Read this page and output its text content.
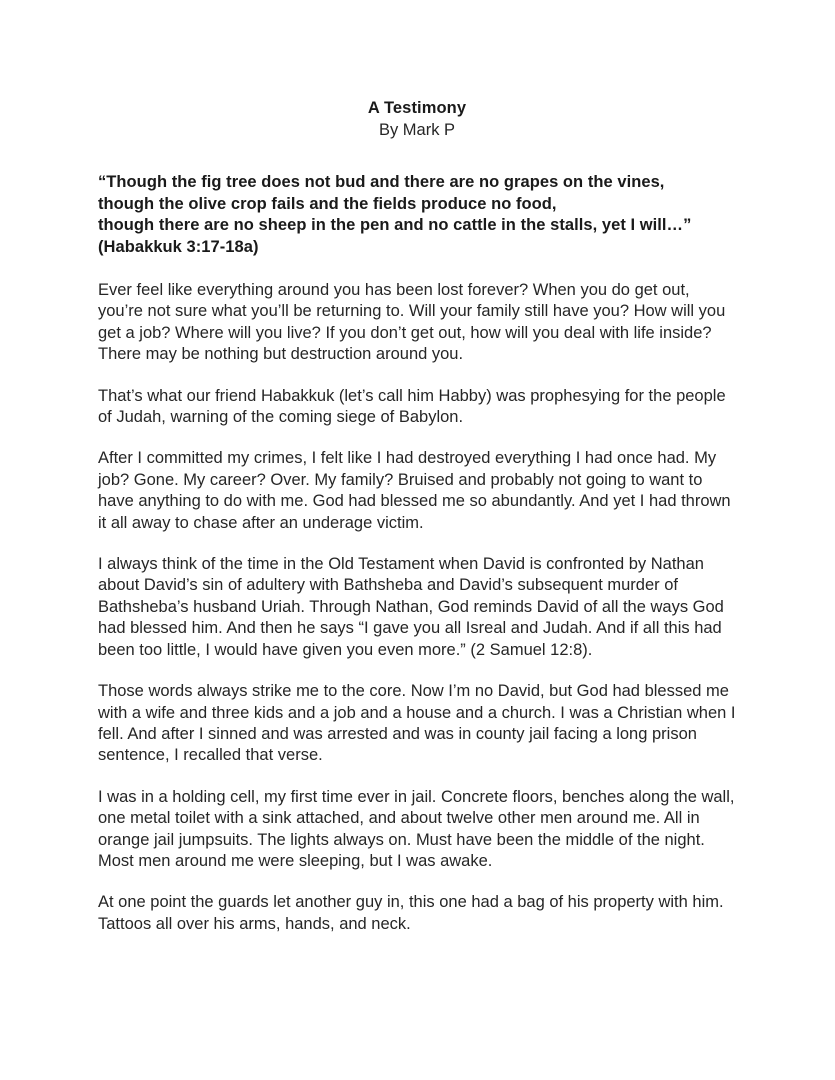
A Testimony
By Mark P
“Though the fig tree does not bud and there are no grapes on the vines,
though the olive crop fails and the fields produce no food,
though there are no sheep in the pen and no cattle in the stalls, yet I will…”
(Habakkuk 3:17-18a)

Ever feel like everything around you has been lost forever? When you do get out, you’re not sure what you’ll be returning to. Will your family still have you? How will you get a job? Where will you live? If you don’t get out, how will you deal with life inside? There may be nothing but destruction around you.

That’s what our friend Habakkuk (let’s call him Habby) was prophesying for the people of Judah, warning of the coming siege of Babylon.

After I committed my crimes, I felt like I had destroyed everything I had once had. My job? Gone. My career? Over. My family? Bruised and probably not going to want to have anything to do with me. God had blessed me so abundantly. And yet I had thrown it all away to chase after an underage victim.

I always think of the time in the Old Testament when David is confronted by Nathan about David’s sin of adultery with Bathsheba and David’s subsequent murder of Bathsheba’s husband Uriah. Through Nathan, God reminds David of all the ways God had blessed him. And then he says “I gave you all Isreal and Judah. And if all this had been too little, I would have given you even more.” (2 Samuel 12:8).

Those words always strike me to the core. Now I’m no David, but God had blessed me with a wife and three kids and a job and a house and a church. I was a Christian when I fell. And after I sinned and was arrested and was in county jail facing a long prison sentence, I recalled that verse.

I was in a holding cell, my first time ever in jail. Concrete floors, benches along the wall, one metal toilet with a sink attached, and about twelve other men around me. All in orange jail jumpsuits. The lights always on. Must have been the middle of the night. Most men around me were sleeping, but I was awake.

At one point the guards let another guy in, this one had a bag of his property with him. Tattoos all over his arms, hands, and neck.
